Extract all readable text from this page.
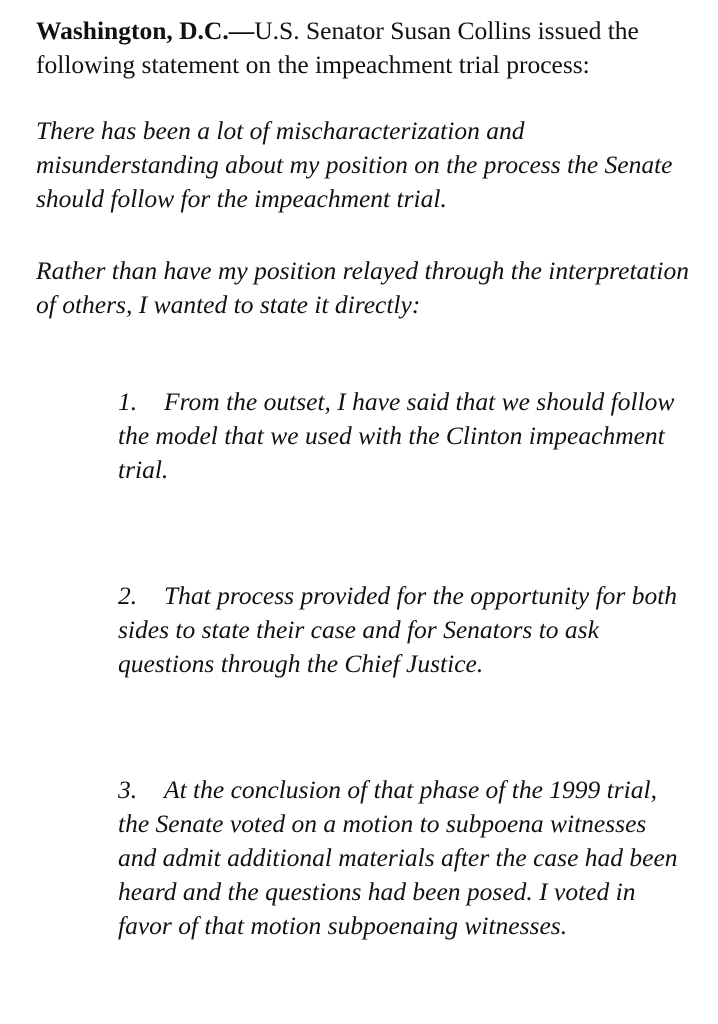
Washington, D.C.—U.S. Senator Susan Collins issued the following statement on the impeachment trial process:

There has been a lot of mischaracterization and misunderstanding about my position on the process the Senate should follow for the impeachment trial.

Rather than have my position relayed through the interpretation of others, I wanted to state it directly:

1. From the outset, I have said that we should follow the model that we used with the Clinton impeachment trial.

2. That process provided for the opportunity for both sides to state their case and for Senators to ask questions through the Chief Justice.

3. At the conclusion of that phase of the 1999 trial, the Senate voted on a motion to subpoena witnesses and admit additional materials after the case had been heard and the questions had been posed. I voted in favor of that motion subpoenaing witnesses.
